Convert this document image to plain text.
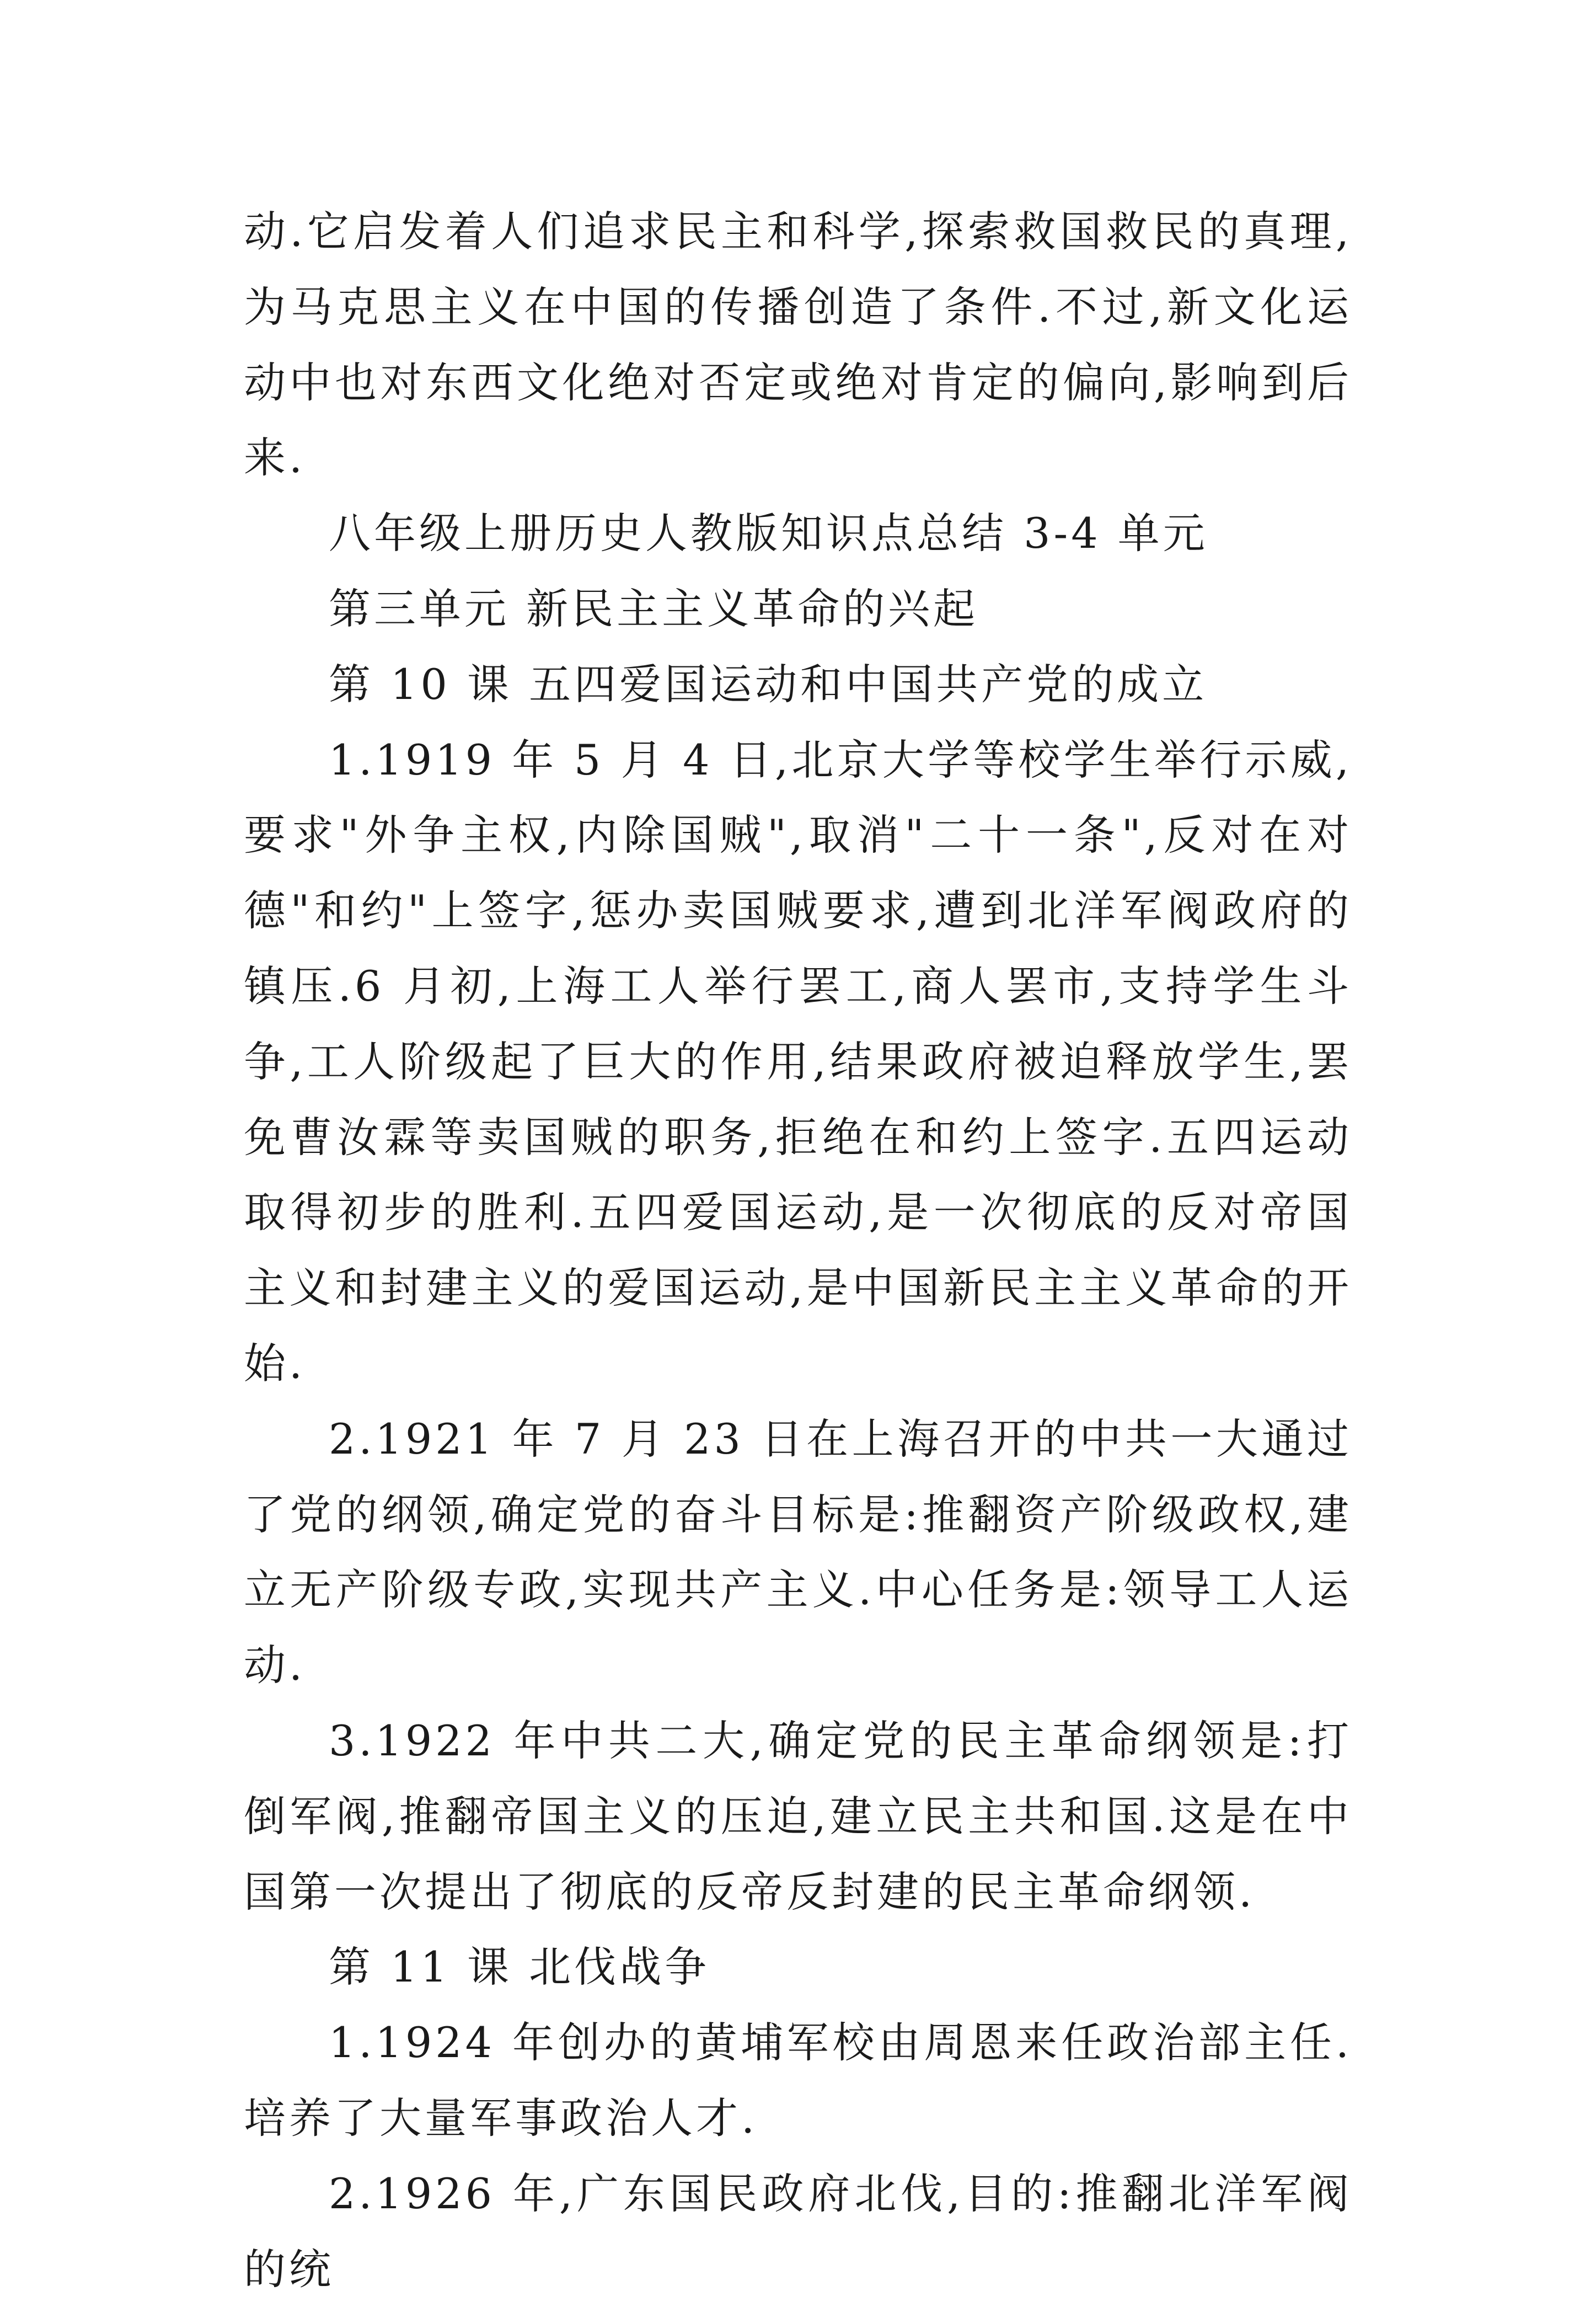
动.它启发着人们追求民主和科学,探索救国救民的真理,为马克思主义在中国的传播创造了条件.不过,新文化运动中也对东西文化绝对否定或绝对肯定的偏向,影响到后来.

八年级上册历史人教版知识点总结 3-4 单元

第三单元 新民主主义革命的兴起

第 10 课 五四爱国运动和中国共产党的成立

1.1919 年 5 月 4 日,北京大学等校学生举行示威,要求"外争主权,内除国贼",取消"二十一条",反对在对德"和约"上签字,惩办卖国贼要求,遭到北洋军阀政府的镇压.6 月初,上海工人举行罢工,商人罢市,支持学生斗争,工人阶级起了巨大的作用,结果政府被迫释放学生,罢免曹汝霖等卖国贼的职务,拒绝在和约上签字.五四运动取得初步的胜利.五四爱国运动,是一次彻底的反对帝国主义和封建主义的爱国运动,是中国新民主主义革命的开始.

2.1921 年 7 月 23 日在上海召开的中共一大通过了党的纲领,确定党的奋斗目标是:推翻资产阶级政权,建立无产阶级专政,实现共产主义.中心任务是:领导工人运动.

3.1922 年中共二大,确定党的民主革命纲领是:打倒军阀,推翻帝国主义的压迫,建立民主共和国.这是在中国第一次提出了彻底的反帝反封建的民主革命纲领.

第 11 课 北伐战争

1.1924 年创办的黄埔军校由周恩来任政治部主任.培养了大量军事政治人才.

2.1926 年,广东国民政府北伐,目的:推翻北洋军阀的统
